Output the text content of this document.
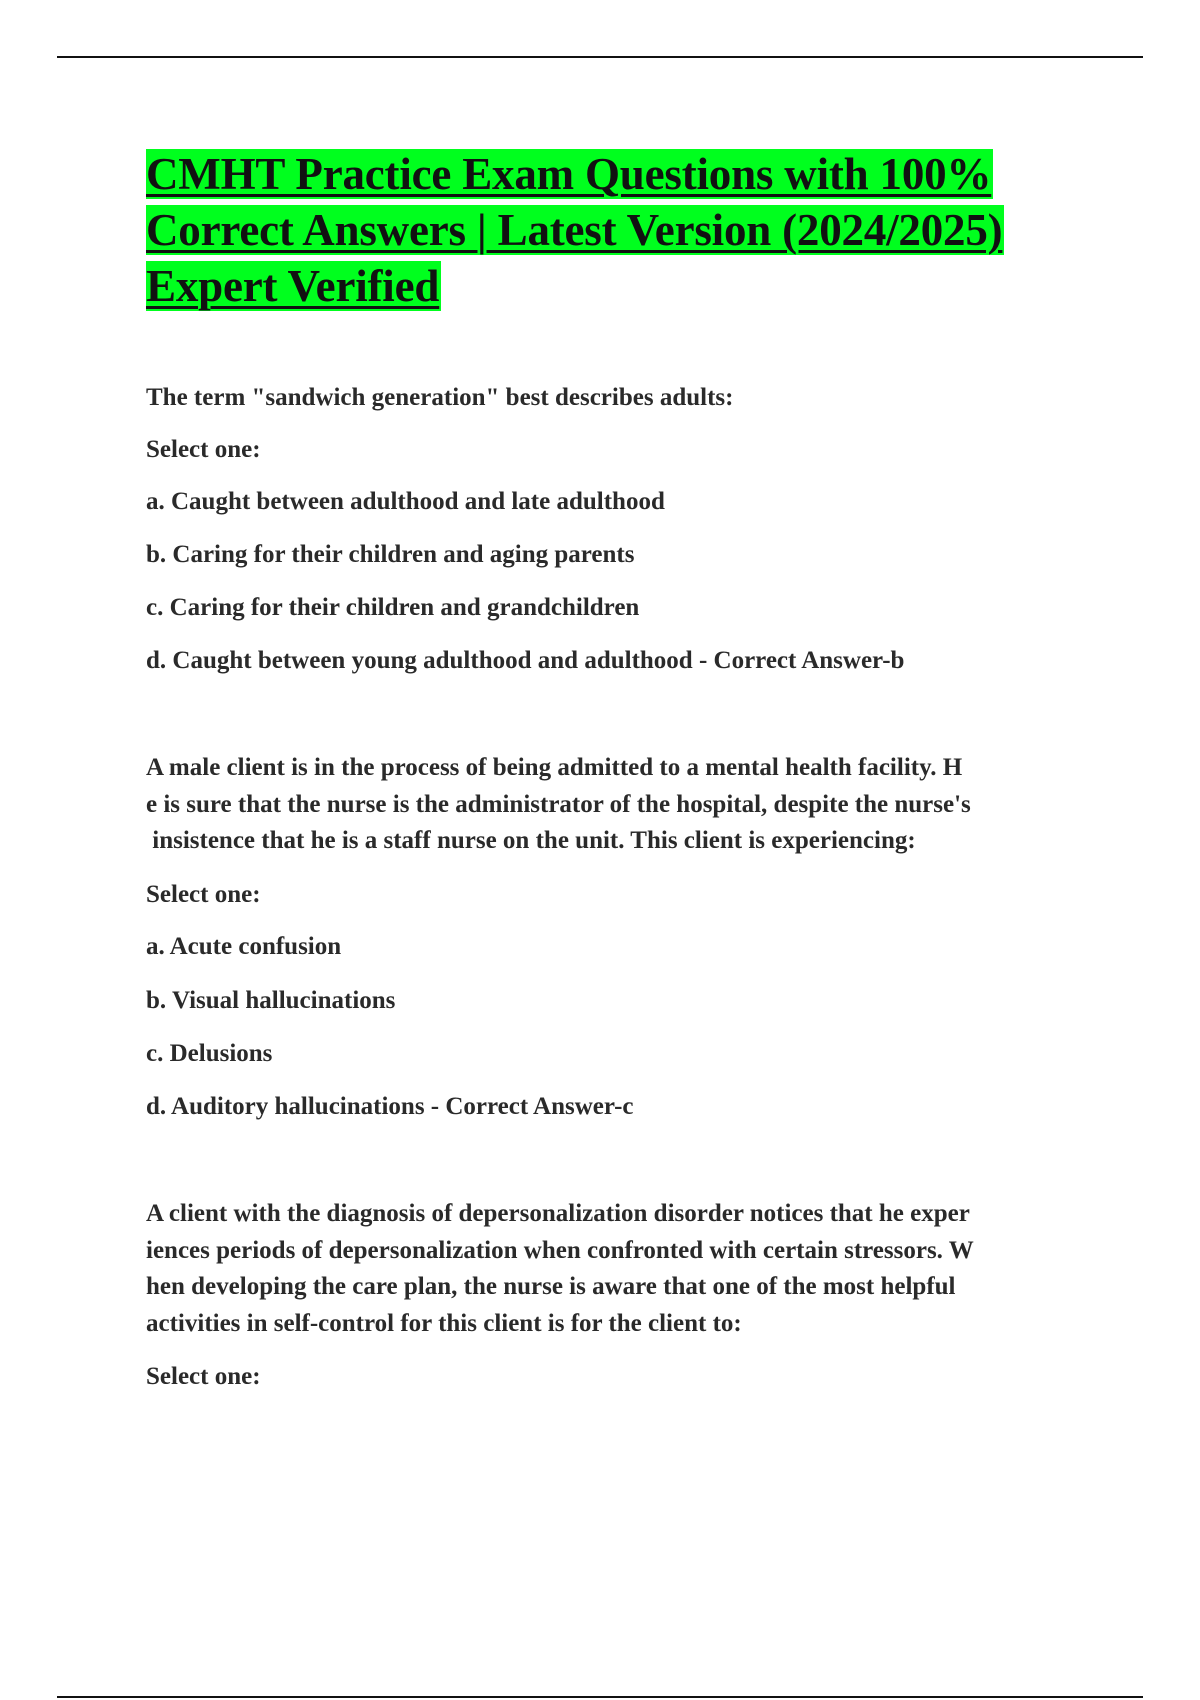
CMHT Practice Exam Questions with 100% Correct Answers | Latest Version (2024/2025) Expert Verified

The term "sandwich generation" best describes adults:

Select one:

a. Caught between adulthood and late adulthood

b. Caring for their children and aging parents

c. Caring for their children and grandchildren

d. Caught between young adulthood and adulthood - Correct Answer-b

A male client is in the process of being admitted to a mental health facility. H
e is sure that the nurse is the administrator of the hospital, despite the nurse's
insistence that he is a staff nurse on the unit. This client is experiencing:

Select one:

a. Acute confusion

b. Visual hallucinations

c. Delusions

d. Auditory hallucinations - Correct Answer-c

A client with the diagnosis of depersonalization disorder notices that he exper
iences periods of depersonalization when confronted with certain stressors. W
hen developing the care plan, the nurse is aware that one of the most helpful
activities in self-control for this client is for the client to:

Select one:
